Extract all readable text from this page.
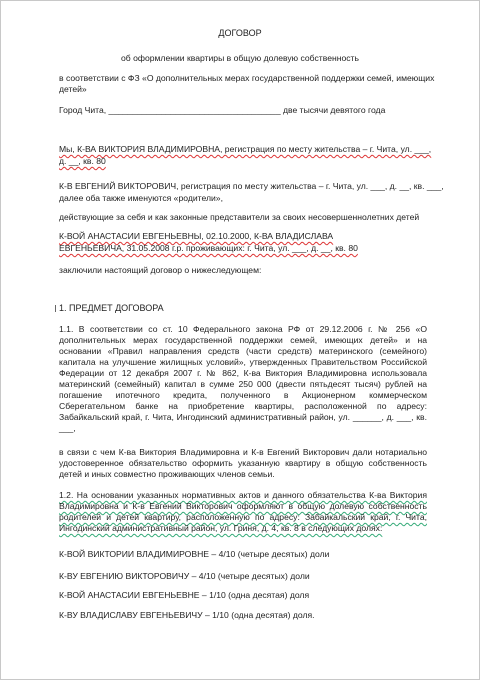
ДОГОВОР
об оформлении квартиры в общую долевую собственность
в соответствии с ФЗ «О дополнительных мерах государственной поддержки семей, имеющих
детей»
Город Чита, ____________________________________ две тысячи девятого года
Мы, К-ВА ВИКТОРИЯ ВЛАДИМИРОВНА, регистрация по месту жительства – г. Чита, ул. ___,
д. __, кв. 80
К-В ЕВГЕНИЙ ВИКТОРОВИЧ, регистрация по месту жительства – г. Чита, ул. ___, д. __, кв. ___,
далее оба также именуются «родители»,
действующие за себя и как законные представители за своих несовершеннолетних детей
К-ВОЙ АНАСТАСИИ ЕВГЕНЬЕВНЫ, 02.10.2000, К-ВА ВЛАДИСЛАВА
ЕВГЕНЬЕВИЧА, 31.05.2008 г.р. проживающих: г. Чита, ул. ___, д. __, кв. 80
заключили настоящий договор о нижеследующем:
1. ПРЕДМЕТ ДОГОВОРА
1.1. В соответствии со ст. 10 Федерального закона РФ от 29.12.2006 г. № 256 «О дополнительных мерах государственной поддержки семей, имеющих детей» и на основании «Правил направления средств (части средств) материнского (семейного) капитала на улучшение жилищных условий», утвержденных Правительством Российской Федерации от 12 декабря 2007 г. № 862, К-ва Виктория Владимировна использовала материнский (семейный) капитал в сумме 250 000 (двести пятьдесят тысяч) рублей на погашение ипотечного кредита, полученного в Акционерном коммерческом Сберегательном банке на приобретение квартиры, расположенной по адресу: Забайкальский край, г. Чита, Ингодинский административный район, ул. ______, д. ___, кв. ___,
в связи с чем К-ва Виктория Владимировна и К-в Евгений Викторович дали нотариально удостоверенное обязательство оформить указанную квартиру в общую собственность детей и иных совместно проживающих членов семьи.
1.2. На основании указанных нормативных актов и данного обязательства К-ва Виктория Владимировна и К-в Евгений Викторович оформляют в общую долевую собственность родителей и детей квартиру, расположенную по адресу: Забайкальский край, г. Чита, Ингодинский административный район, ул. Гриня, д. 4, кв. 8 в следующих долях:
К-ВОЙ ВИКТОРИИ ВЛАДИМИРОВНЕ – 4/10 (четыре десятых) доли
К-ВУ ЕВГЕНИЮ ВИКТОРОВИЧУ – 4/10 (четыре десятых) доли
К-ВОЙ АНАСТАСИИ ЕВГЕНЬЕВНЕ – 1/10 (одна десятая) доля
К-ВУ ВЛАДИСЛАВУ ЕВГЕНЬЕВИЧУ – 1/10 (одна десятая) доля.
